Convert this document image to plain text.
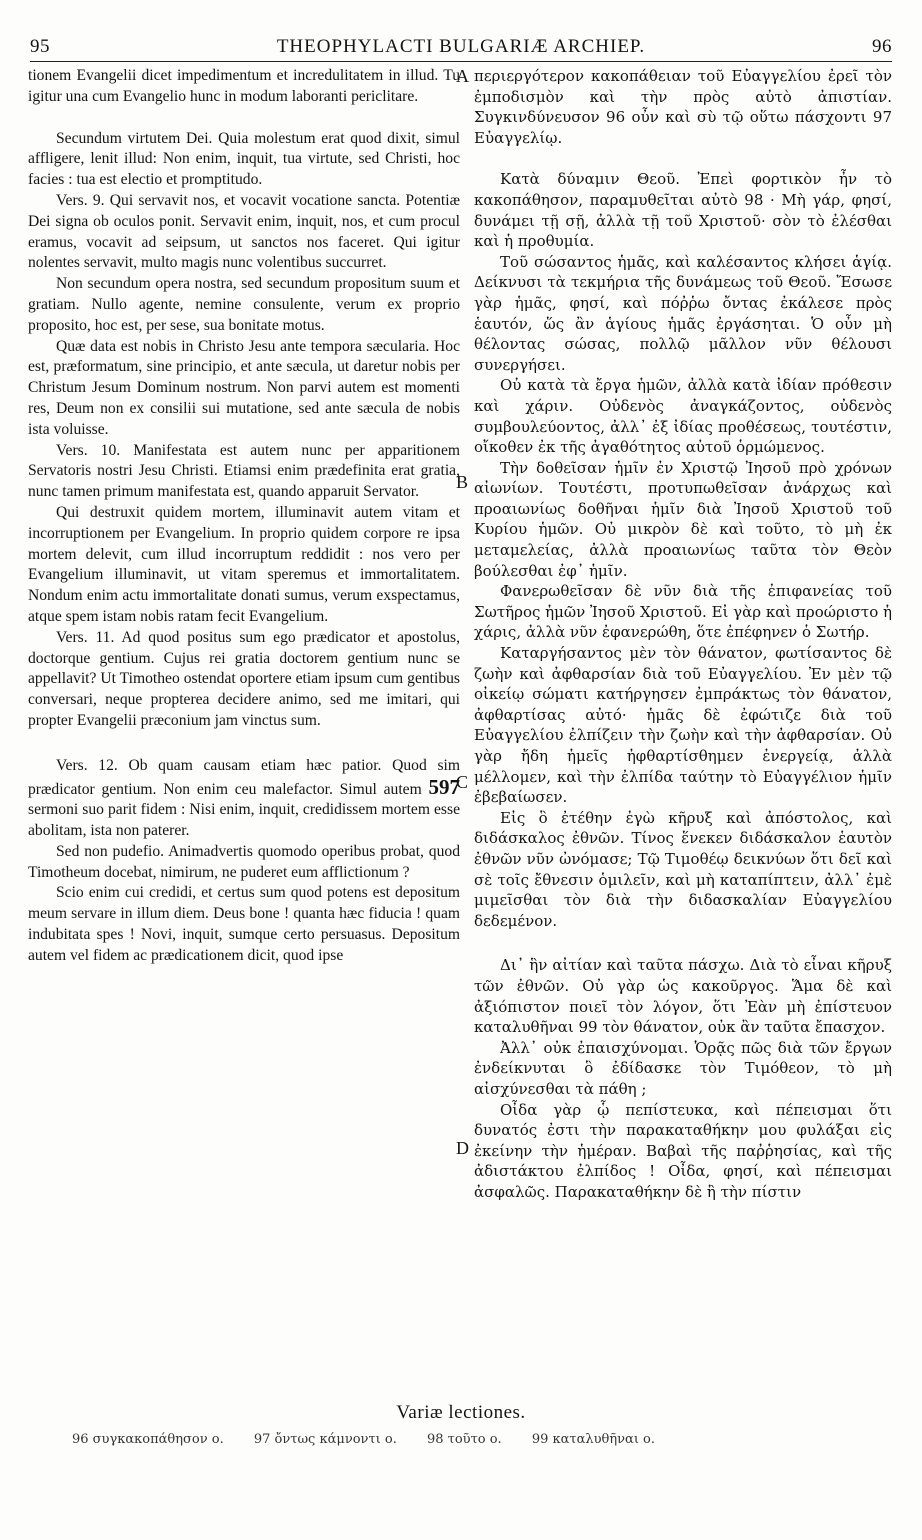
95	THEOPHYLACTI BULGARIÆ ARCHIEP.	96
A
B
C
D

tionem Evangelii dicet impedimentum et incredulitatem in illud. Tu igitur una cum Evangelio hunc in modum laboranti periclitare.

Secundum virtutem Dei. Quia molestum erat quod dixit, simul affligere, lenit illud: Non enim, inquit, tua virtute, sed Christi, hoc facies : tua est electio et promptitudo.

Vers. 9. Qui servavit nos, et vocavit vocatione sancta. Potentiæ Dei signa ob oculos ponit. Servavit enim, inquit, nos, et cum procul eramus, vocavit ad seipsum, ut sanctos nos faceret. Qui igitur nolentes servavit, multo magis nunc volentibus succurret.

Non secundum opera nostra, sed secundum propositum suum et gratiam. Nullo agente, nemine consulente, verum ex proprio proposito, hoc est, per sese, sua bonitate motus.

Quæ data est nobis in Christo Jesu ante tempora sæcularia. Hoc est, præformatum, sine principio, et ante sæcula, ut daretur nobis per Christum Jesum Dominum nostrum. Non parvi autem est momenti res, Deum non ex consilii sui mutatione, sed ante sæcula de nobis ista voluisse.

Vers. 10. Manifestata est autem nunc per apparitionem Servatoris nostri Jesu Christi. Etiamsi enim prædefinita erat gratia, nunc tamen primum manifestata est, quando apparuit Servator.

Qui destruxit quidem mortem, illuminavit autem vitam et incorruptionem per Evangelium. In proprio quidem corpore re ipsa mortem delevit, cum illud incorruptum reddidit : nos vero per Evangelium illuminavit, ut vitam speremus et immortalitatem. Nondum enim actu immortalitate donati sumus, verum exspectamus, atque spem istam nobis ratam fecit Evangelium.

Vers. 11. Ad quod positus sum ego prædicator et apostolus, doctorque gentium. Cujus rei gratia doctorem gentium nunc se appellavit? Ut Timotheo ostendat oportere etiam ipsum cum gentibus conversari, neque propterea decidere animo, sed me imitari, qui propter Evangelii præconium jam vinctus sum.

Vers. 12. Ob quam causam etiam hæc patior. Quod sim prædicator gentium. Non enim ceu malefactor. Simul autem 597 sermoni suo parit fidem : Nisi enim, inquit, credidissem mortem esse abolitam, ista non paterer.

Sed non pudefio. Animadvertis quomodo operibus probat, quod Timotheum docebat, nimirum, ne puderet eum afflictionum ?

Scio enim cui credidi, et certus sum quod potens est depositum meum servare in illum diem. Deus bone ! quanta hæc fiducia ! quam indubitata spes ! Novi, inquit, sumque certo persuasus. Depositum autem vel fidem ac prædicationem dicit, quod ipse

περιεργότερον κακοπάθειαν τοῦ Εὐαγγελίου ἐρεῖ τὸν ἐμποδισμὸν καὶ τὴν πρὸς αὐτὸ ἀπιστίαν. Συγκινδύνευσον 96 οὖν καὶ σὺ τῷ οὕτω πάσχοντι 97 Εὐαγγελίῳ.

Κατὰ δύναμιν Θεοῦ. Ἐπεὶ φορτικὸν ἦν τὸ κακοπάθησον, παραμυθεῖται αὐτὸ 98 · Μὴ γάρ, φησί, δυνάμει τῇ σῇ, ἀλλὰ τῇ τοῦ Χριστοῦ· σὸν τὸ ἐλέσθαι καὶ ἡ προθυμία.

Τοῦ σώσαντος ἡμᾶς, καὶ καλέσαντος κλήσει ἁγίᾳ. Δείκνυσι τὰ τεκμήρια τῆς δυνάμεως τοῦ Θεοῦ. Ἔσωσε γὰρ ἡμᾶς, φησί, καὶ πόῤῥω ὄντας ἐκάλεσε πρὸς ἑαυτόν, ὥς ἂν ἁγίους ἡμᾶς ἐργάσηται. Ὁ οὖν μὴ θέλοντας σώσας, πολλῷ μᾶλλον νῦν θέλουσι συνεργήσει.

Οὐ κατὰ τὰ ἔργα ἡμῶν, ἀλλὰ κατὰ ἰδίαν πρόθεσιν καὶ χάριν. Οὐδενὸς ἀναγκάζοντος, οὐδενὸς συμβουλεύοντος, ἀλλ᾽ ἐξ ἰδίας προθέσεως, τουτέστιν, οἴκοθεν ἐκ τῆς ἀγαθότητος αὐτοῦ ὁρμώμενος.

Τὴν δοθεῖσαν ἡμῖν ἐν Χριστῷ Ἰησοῦ πρὸ χρόνων αἰωνίων. Τουτέστι, προτυπωθεῖσαν ἀνάρχως καὶ προαιωνίως δοθῆναι ἡμῖν διὰ Ἰησοῦ Χριστοῦ τοῦ Κυρίου ἡμῶν. Οὐ μικρὸν δὲ καὶ τοῦτο, τὸ μὴ ἐκ μεταμελείας, ἀλλὰ προαιωνίως ταῦτα τὸν Θεὸν βούλεσθαι ἐφ᾽ ἡμῖν.

Φανερωθεῖσαν δὲ νῦν διὰ τῆς ἐπιφανείας τοῦ Σωτῆρος ἡμῶν Ἰησοῦ Χριστοῦ. Εἰ γὰρ καὶ προώριστο ἡ χάρις, ἀλλὰ νῦν ἐφανερώθη, ὅτε ἐπέφηνεν ὁ Σωτήρ.

Καταργήσαντος μὲν τὸν θάνατον, φωτίσαντος δὲ ζωὴν καὶ ἀφθαρσίαν διὰ τοῦ Εὐαγγελίου. Ἐν μὲν τῷ οἰκείῳ σώματι κατήργησεν ἐμπράκτως τὸν θάνατον, ἀφθαρτίσας αὐτό· ἡμᾶς δὲ ἐφώτιζε διὰ τοῦ Εὐαγγελίου ἐλπίζειν τὴν ζωὴν καὶ τὴν ἀφθαρσίαν. Οὐ γὰρ ἤδη ἡμεῖς ἠφθαρτίσθημεν ἐνεργείᾳ, ἀλλὰ μέλλομεν, καὶ τὴν ἐλπίδα ταύτην τὸ Εὐαγγέλιον ἡμῖν ἐβεβαίωσεν.

Εἰς ὃ ἐτέθην ἐγὼ κῆρυξ καὶ ἀπόστολος, καὶ διδάσκαλος ἐθνῶν. Τίνος ἕνεκεν διδάσκαλον ἑαυτὸν ἐθνῶν νῦν ὠνόμασε; Τῷ Τιμοθέῳ δεικνύων ὅτι δεῖ καὶ σὲ τοῖς ἔθνεσιν ὁμιλεῖν, καὶ μὴ καταπίπτειν, ἀλλ᾽ ἐμὲ μιμεῖσθαι τὸν διὰ τὴν διδασκαλίαν Εὐαγγελίου δεδεμένον.

Δι᾽ ἣν αἰτίαν καὶ ταῦτα πάσχω. Διὰ τὸ εἶναι κῆρυξ τῶν ἐθνῶν. Οὐ γὰρ ὡς κακοῦργος. Ἅμα δὲ καὶ ἀξιόπιστον ποιεῖ τὸν λόγον, ὅτι Ἐὰν μὴ ἐπίστευον καταλυθῆναι 99 τὸν θάνατον, οὐκ ἂν ταῦτα ἔπασχον.

Ἀλλ᾽ οὐκ ἐπαισχύνομαι. Ὁρᾷς πῶς διὰ τῶν ἔργων ἐνδείκνυται ὃ ἐδίδασκε τὸν Τιμόθεον, τὸ μὴ αἰσχύνεσθαι τὰ πάθη ;

Οἶδα γὰρ ᾧ πεπίστευκα, καὶ πέπεισμαι ὅτι δυνατός ἐστι τὴν παρακαταθήκην μου φυλάξαι εἰς ἐκείνην τὴν ἡμέραν. Βαβαὶ τῆς παῤῥησίας, καὶ τῆς ἀδιστάκτου ἐλπίδος ! Οἶδα, φησί, καὶ πέπεισμαι ἀσφαλῶς. Παρακαταθήκην δὲ ἢ τὴν πίστιν

Variæ lectiones.
96 συγκακοπάθησον ο. 97 ὄντως κάμνοντι ο. 98 τοῦτο ο. 99 καταλυθῆναι ο.
